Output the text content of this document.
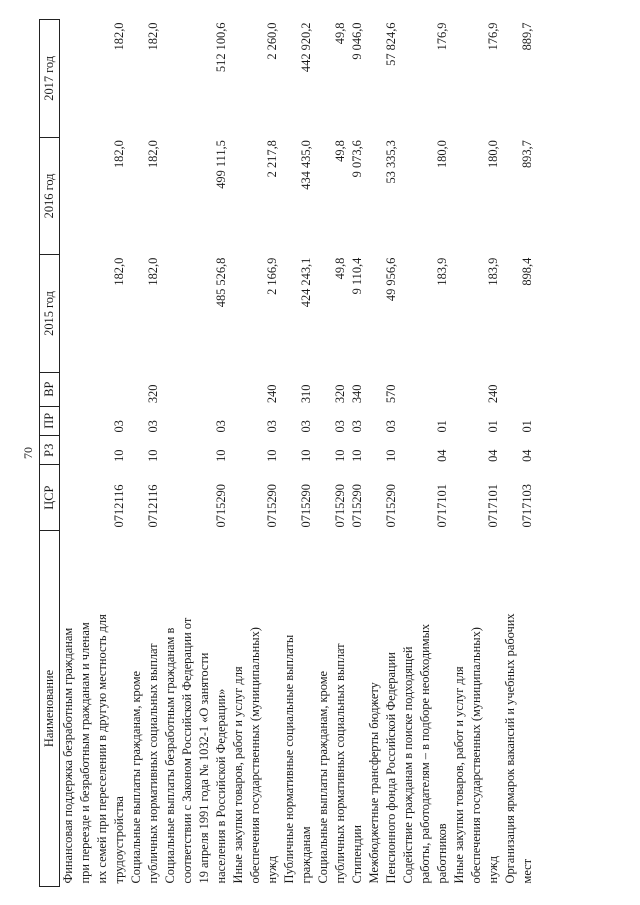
70
Наименование	ЦСР	РЗ	ПР	ВР	2015 год	2016 год	2017 год

Финансовая поддержка безработным гражданам при переезде и безработным гражданам и членам их семей при переселении в другую местность для трудоустройства	0712116	10	03		182,0	182,0	182,0

Социальные выплаты гражданам, кроме публичных нормативных социальных выплат	0712116	10	03	320	182,0	182,0	182,0

Социальные выплаты безработным гражданам в соответствии с Законом Российской Федерации от 19 апреля 1991 года № 1032-1 «О занятости населения в Российской Федерации»	0715290	10	03		485 526,8	499 111,5	512 100,6

Иные закупки товаров, работ и услуг для обеспечения государственных (муниципальных) нужд	0715290	10	03	240	2 166,9	2 217,8	2 260,0

Публичные нормативные социальные выплаты гражданам	0715290	10	03	310	424 243,1	434 435,0	442 920,2

Социальные выплаты гражданам, кроме публичных нормативных социальных выплат	0715290	10	03	320	49,8	49,8	49,8

Стипендии	0715290	10	03	340	9 110,4	9 073,6	9 046,0

Межбюджетные трансферты бюджету Пенсионного фонда Российской Федерации	0715290	10	03	570	49 956,6	53 335,3	57 824,6

Содействие гражданам в поиске подходящей работы, работодателям – в подборе необходимых работников	0717101	04	01		183,9	180,0	176,9

Иные закупки товаров, работ и услуг для обеспечения государственных (муниципальных) нужд	0717101	04	01	240	183,9	180,0	176,9

Организация ярмарок вакансий и учебных рабочих мест	0717103	04	01		898,4	893,7	889,7
